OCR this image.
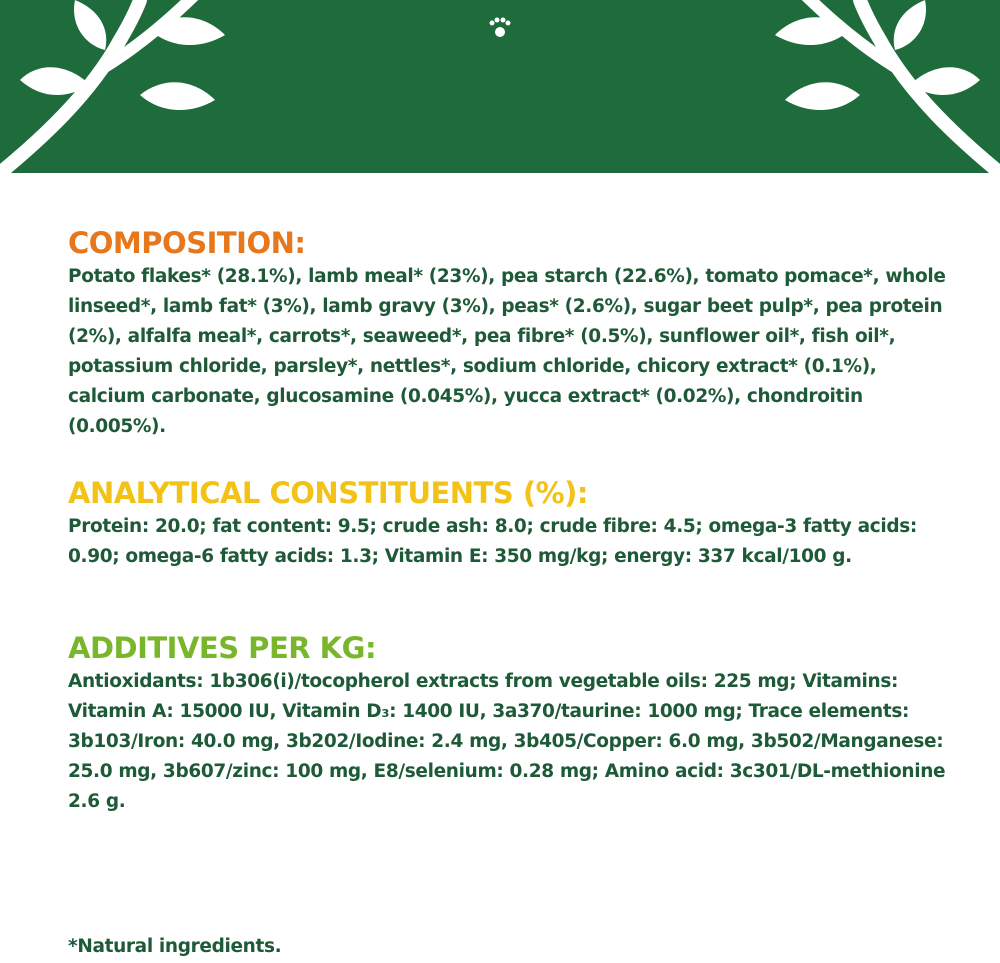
INGREDIENTS
COMPOSITION:

Potato flakes* (28.1%), lamb meal* (23%), pea starch (22.6%), tomato pomace*, whole linseed*, lamb fat* (3%), lamb gravy (3%), peas* (2.6%), sugar beet pulp*, pea protein (2%), alfalfa meal*, carrots*, seaweed*, pea fibre* (0.5%), sunflower oil*, fish oil*, potassium chloride, parsley*, nettles*, sodium chloride, chicory extract* (0.1%), calcium carbonate, glucosamine (0.045%), yucca extract* (0.02%), chondroitin (0.005%).

ANALYTICAL CONSTITUENTS (%):

Protein: 20.0; fat content: 9.5; crude ash: 8.0; crude fibre: 4.5; omega-3 fatty acids: 0.90; omega-6 fatty acids: 1.3; Vitamin E: 350 mg/kg; energy: 337 kcal/100 g.

ADDITIVES PER KG:

Antioxidants: 1b306(i)/tocopherol extracts from vegetable oils: 225 mg; Vitamins: Vitamin A: 15000 IU, Vitamin D₃: 1400 IU, 3a370/taurine: 1000 mg; Trace elements: 3b103/Iron: 40.0 mg, 3b202/Iodine: 2.4 mg, 3b405/Copper: 6.0 mg, 3b502/Manganese: 25.0 mg, 3b607/zinc: 100 mg, E8/selenium: 0.28 mg; Amino acid: 3c301/DL-methionine 2.6 g.

*Natural ingredients.
